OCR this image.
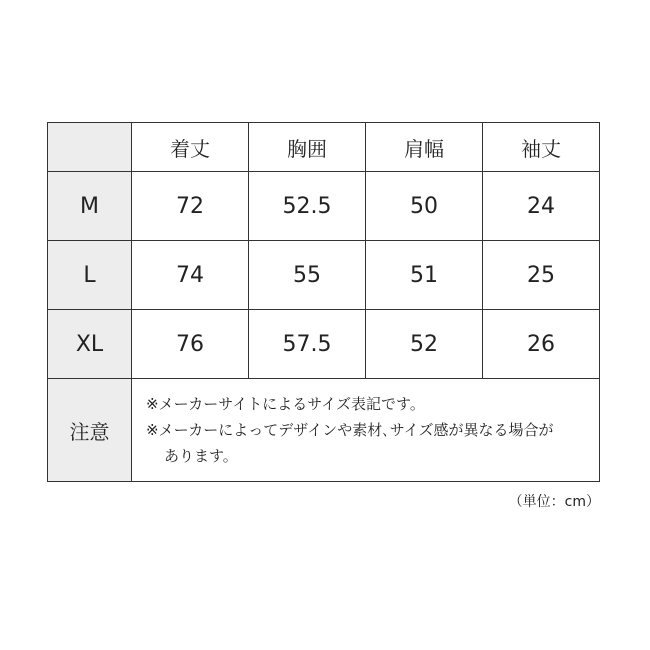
	着丈	胸囲	肩幅	袖丈
M	72	52.5	50	24
L	74	55	51	25
XL	76	57.5	52	26
注意	※メーカーサイトによるサイズ表記です。
※メーカーによってデザインや素材､サイズ感が異なる場合が
あります。			
（単位：cm）
